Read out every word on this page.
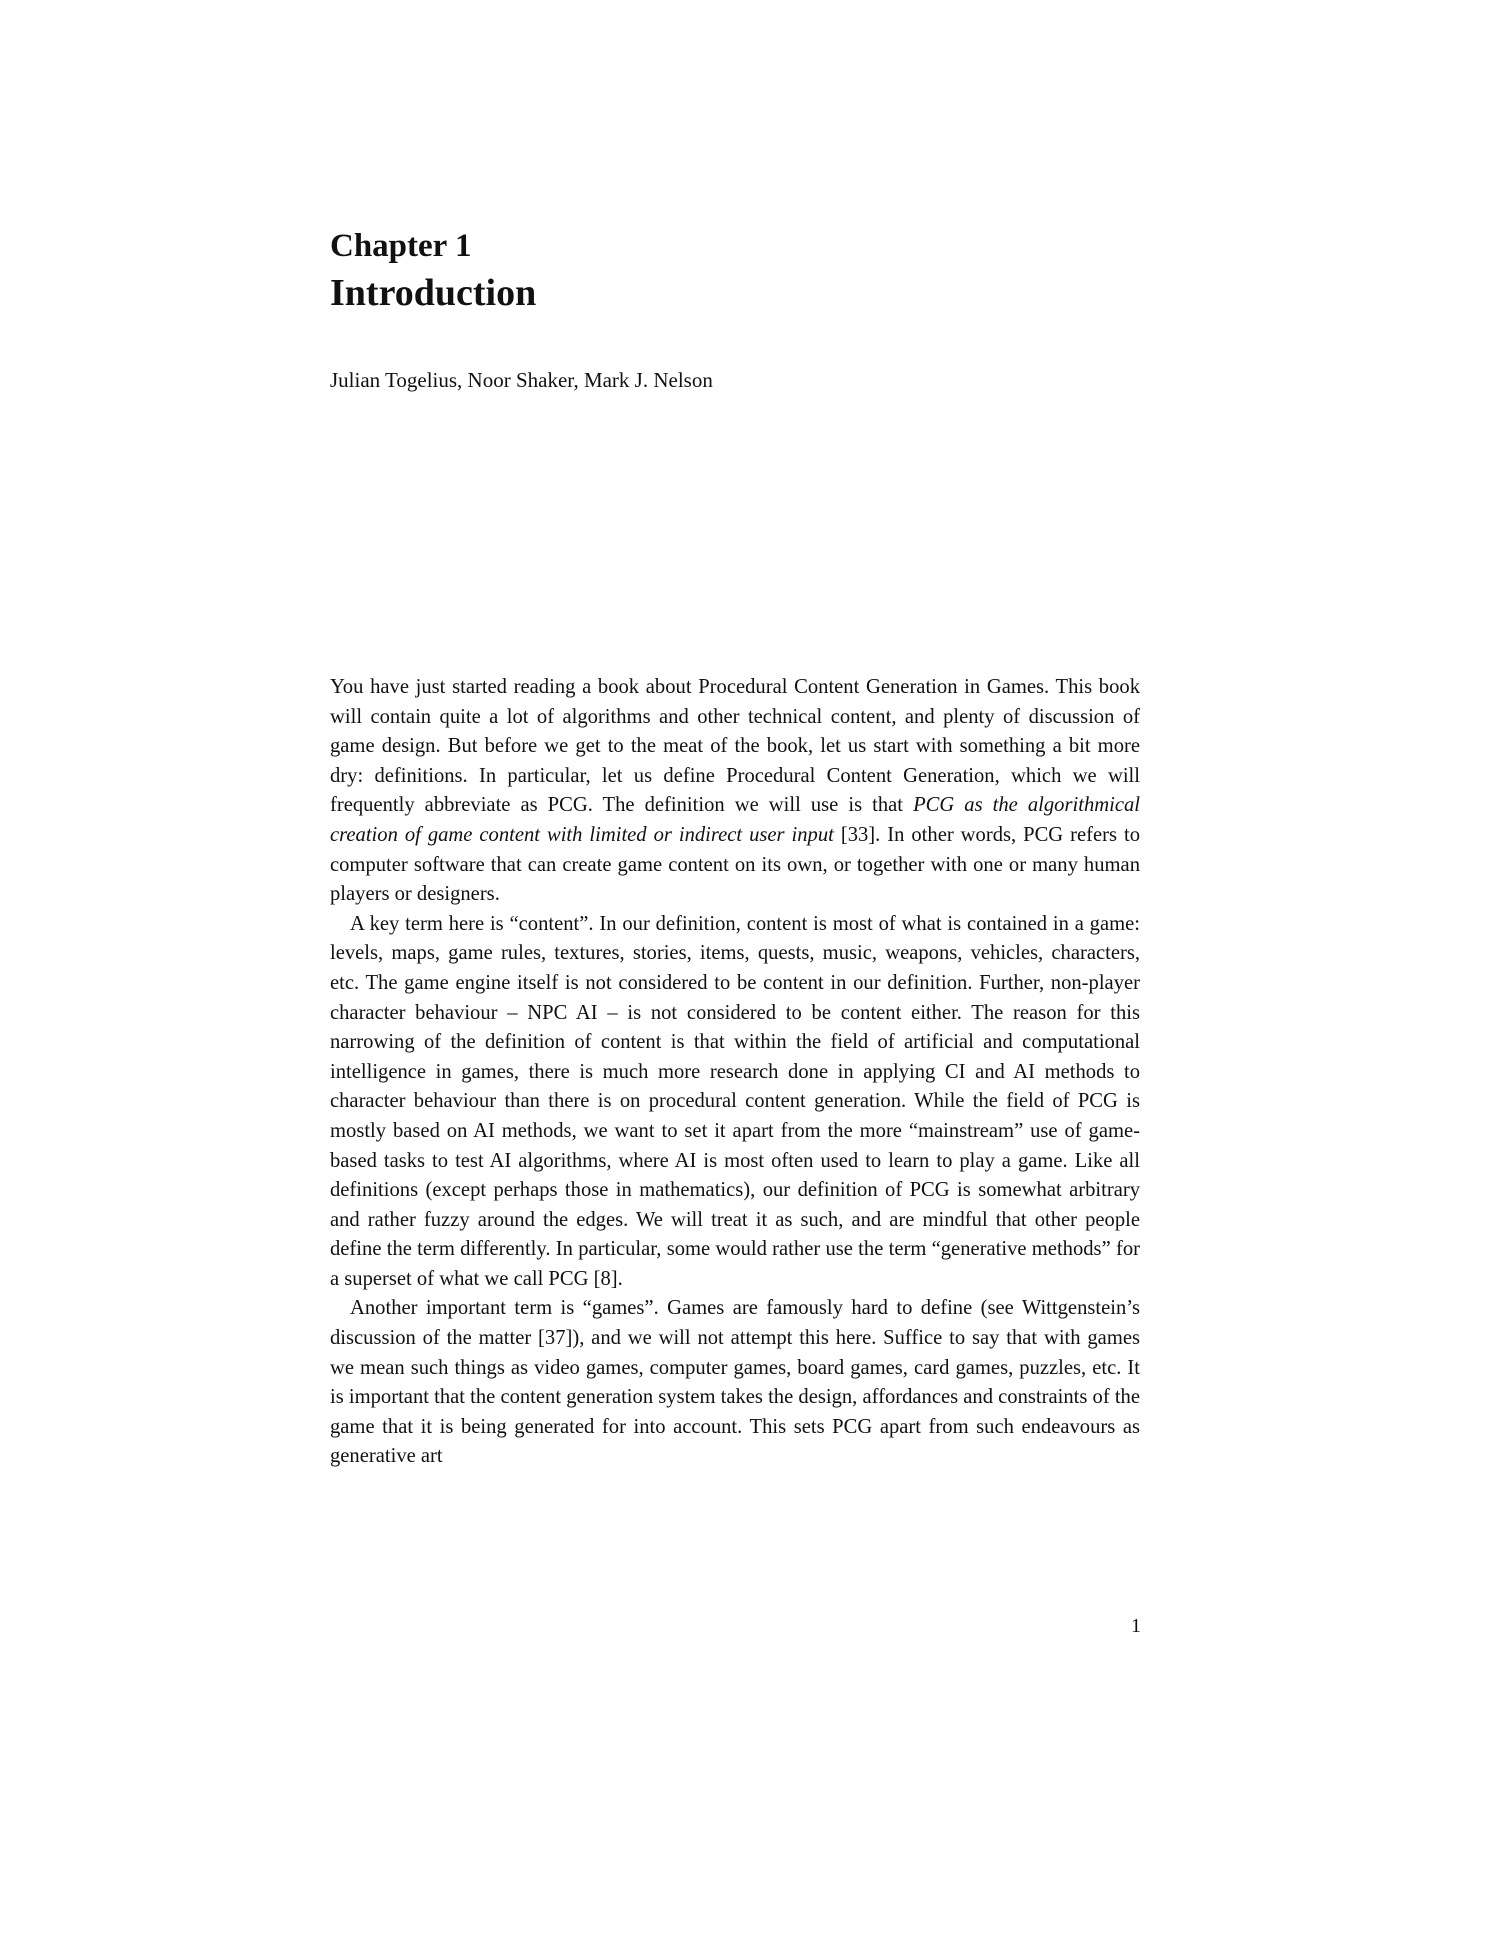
Chapter 1
Introduction
Julian Togelius, Noor Shaker, Mark J. Nelson

You have just started reading a book about Procedural Content Generation in Games. This book will contain quite a lot of algorithms and other technical content, and plenty of discussion of game design. But before we get to the meat of the book, let us start with something a bit more dry: definitions. In particular, let us define Procedural Content Generation, which we will frequently abbreviate as PCG. The definition we will use is that PCG as the algorithmical creation of game content with limited or indirect user input [33]. In other words, PCG refers to computer software that can create game content on its own, or together with one or many human players or designers.

A key term here is “content”. In our definition, content is most of what is contained in a game: levels, maps, game rules, textures, stories, items, quests, music, weapons, vehicles, characters, etc. The game engine itself is not considered to be content in our definition. Further, non-player character behaviour – NPC AI – is not considered to be content either. The reason for this narrowing of the definition of content is that within the field of artificial and computational intelligence in games, there is much more research done in applying CI and AI methods to character behaviour than there is on procedural content generation. While the field of PCG is mostly based on AI methods, we want to set it apart from the more “mainstream” use of game-based tasks to test AI algorithms, where AI is most often used to learn to play a game. Like all definitions (except perhaps those in mathematics), our definition of PCG is somewhat arbitrary and rather fuzzy around the edges. We will treat it as such, and are mindful that other people define the term differently. In particular, some would rather use the term “generative methods” for a superset of what we call PCG [8].

Another important term is “games”. Games are famously hard to define (see Wittgenstein’s discussion of the matter [37]), and we will not attempt this here. Suffice to say that with games we mean such things as video games, computer games, board games, card games, puzzles, etc. It is important that the content generation system takes the design, affordances and constraints of the game that it is being generated for into account. This sets PCG apart from such endeavours as generative art

1
